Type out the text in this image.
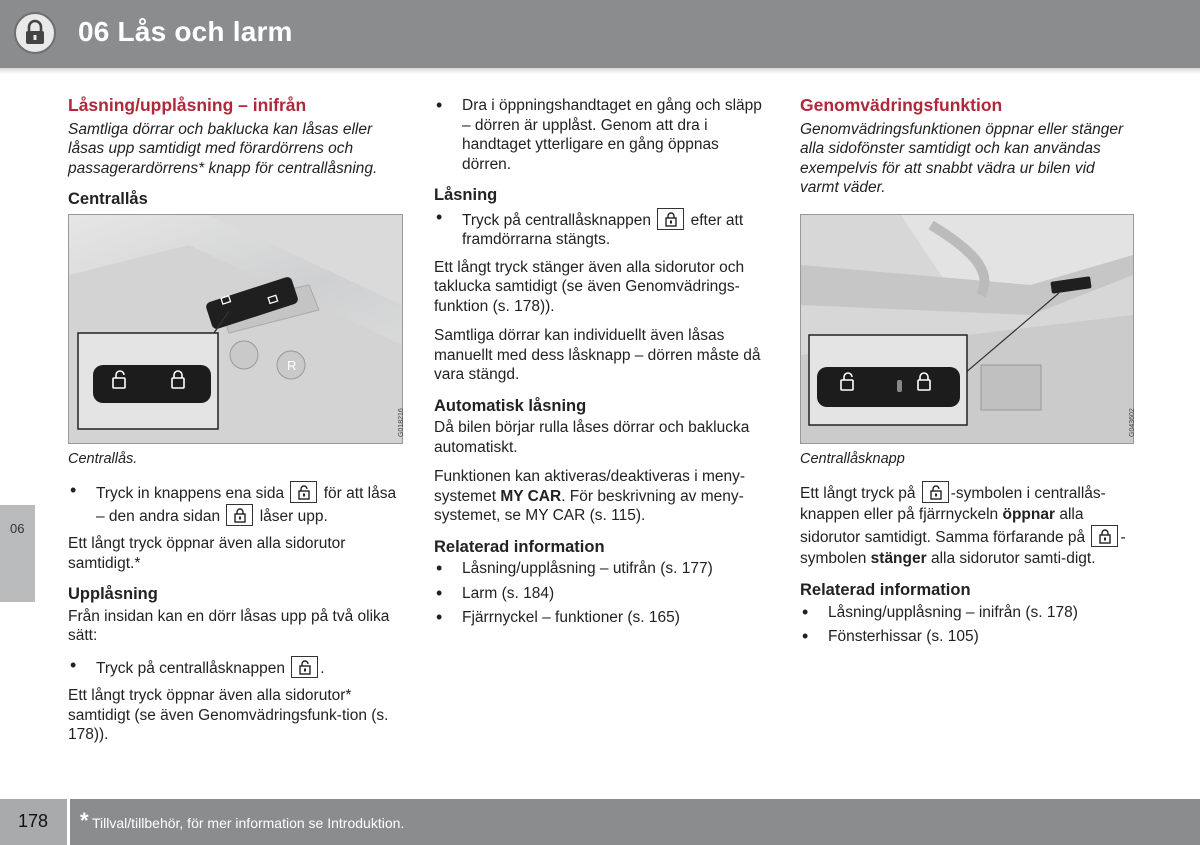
06 Lås och larm
06
Låsning/upplåsning – inifrån

Samtliga dörrar och baklucka kan låsas eller låsas upp samtidigt med förardörrens och passagerardörrens* knapp för centrallåsning.

Centrallås
R
G018216
Centrallås.
• Tryck in knappens ena sida	för att låsa – den andra sidan	låser upp.

Ett långt tryck öppnar även alla sidorutor samtidigt.*

Upplåsning

Från insidan kan en dörr låsas upp på två olika sätt:

• Tryck på centrallåsknappen .

Ett långt tryck öppnar även alla sidorutor* samtidigt (se även Genomvädringsfunk-tion (s. 178)).

• Dra i öppningshandtaget en gång och släpp – dörren är upplåst. Genom att dra i handtaget ytterligare en gång öppnas dörren.
Låsning
• Tryck på centrallåsknappen	efter att framdörrarna stängts.

Ett långt tryck stänger även alla sidorutor och taklucka samtidigt (se även Genomvädrings-funktion (s. 178)).

Samtliga dörrar kan individuellt även låsas manuellt med dess låsknapp – dörren måste då vara stängd.

Automatisk låsning

Då bilen börjar rulla låses dörrar och baklucka automatiskt.

Funktionen kan aktiveras/deaktiveras i meny-systemet MY CAR. För beskrivning av meny-systemet, se MY CAR (s. 115).

Relaterad information
• Låsning/upplåsning – utifrån (s. 177)
• Larm (s. 184)
• Fjärrnyckel – funktioner (s. 165)
Genomvädringsfunktion

Genomvädringsfunktionen öppnar eller stänger alla sidofönster samtidigt och kan användas exempelvis för att snabbt vädra ur bilen vid varmt väder.

G043602
Centrallåsknapp

Ett långt tryck på -symbolen i centrallås-knappen eller på fjärrnyckeln öppnar alla sidorutor samtidigt. Samma förfarande på -symbolen stänger alla sidorutor samti-digt.

Relaterad information
• Låsning/upplåsning – inifrån (s. 178)
• Fönsterhissar (s. 105)
178 * Tillval/tillbehör, för mer information se Introduktion.
